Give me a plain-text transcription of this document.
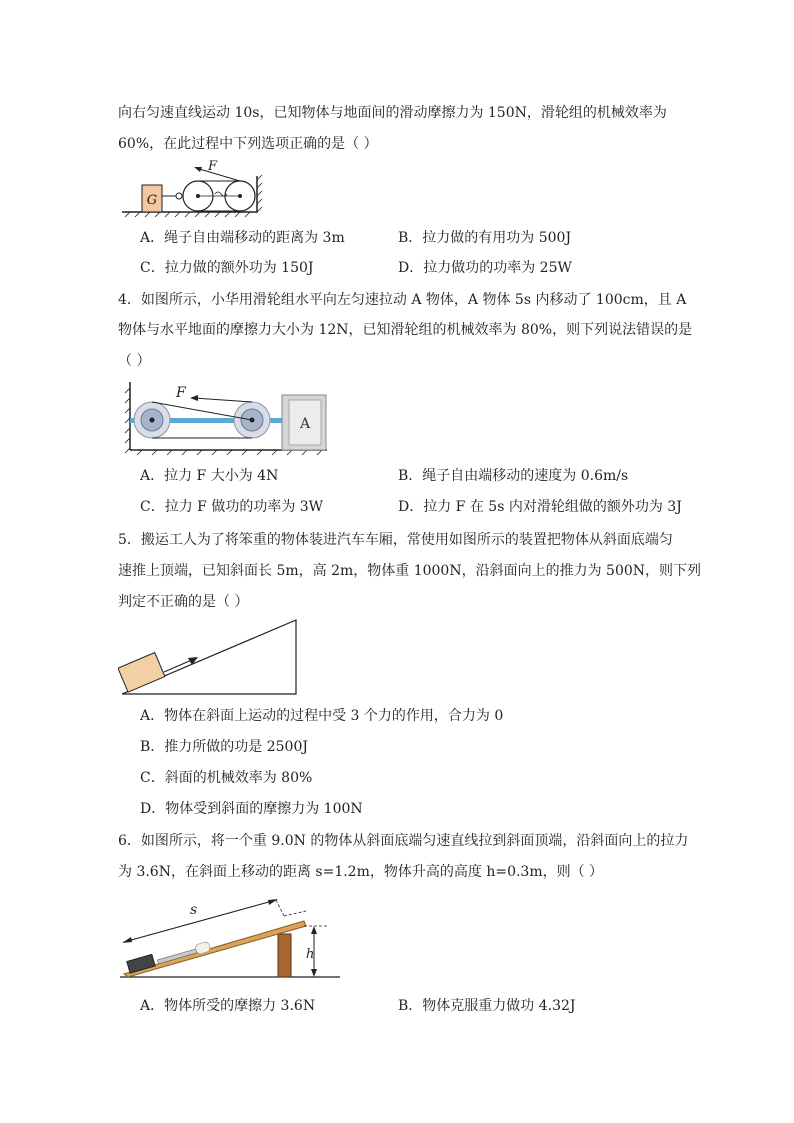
向右匀速直线运动 10s，已知物体与地面间的滑动摩擦力为 150N，滑轮组的机械效率为
60%，在此过程中下列选项正确的是（ ）
G
F
A．绳子自由端移动的距离为 3m	B．拉力做的有用功为 500J
C．拉力做的额外功为 150J	D．拉力做功的功率为 25W
4．如图所示，小华用滑轮组水平向左匀速拉动 A 物体，A 物体 5s 内移动了 100cm，且 A
物体与水平地面的摩擦力大小为 12N，已知滑轮组的机械效率为 80%，则下列说法错误的是
（ ）
F
A
A．拉力 F 大小为 4N	B．绳子自由端移动的速度为 0.6m/s
C．拉力 F 做功的功率为 3W	D．拉力 F 在 5s 内对滑轮组做的额外功为 3J
5．搬运工人为了将笨重的物体装进汽车车厢，常使用如图所示的装置把物体从斜面底端匀
速推上顶端，已知斜面长 5m，高 2m，物体重 1000N，沿斜面向上的推力为 500N，则下列
判定不正确的是（ ）
A．物体在斜面上运动的过程中受 3 个力的作用，合力为 0
B．推力所做的功是 2500J
C．斜面的机械效率为 80%
D．物体受到斜面的摩擦力为 100N
6．如图所示，将一个重 9.0N 的物体从斜面底端匀速直线拉到斜面顶端，沿斜面向上的拉力
为 3.6N，在斜面上移动的距离 s=1.2m，物体升高的高度 h=0.3m，则（ ）
s
h
A．物体所受的摩擦力 3.6N	B．物体克服重力做功 4.32J
